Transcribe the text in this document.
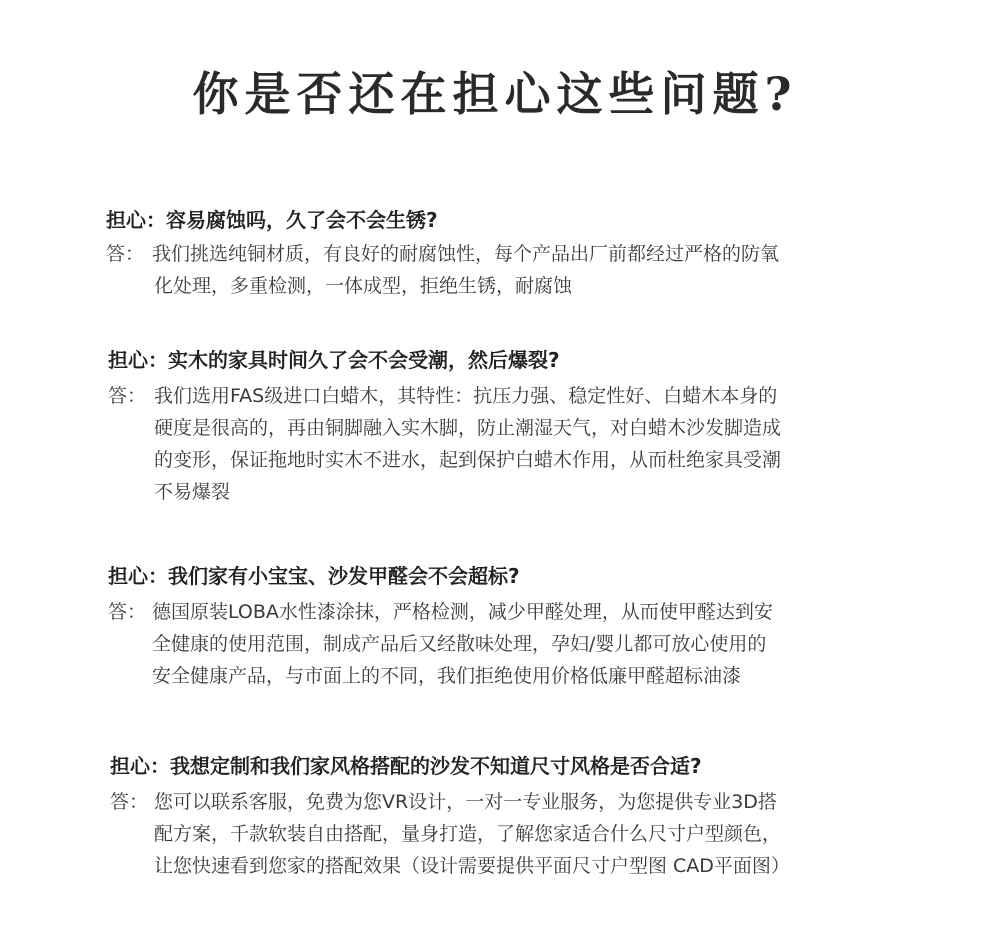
你是否还在担心这些问题?
担心：容易腐蚀吗，久了会不会生锈?
答： 我们挑选纯铜材质，有良好的耐腐蚀性，每个产品出厂前都经过严格的防氧
化处理，多重检测，一体成型，拒绝生锈，耐腐蚀
担心：实木的家具时间久了会不会受潮，然后爆裂?
答： 我们选用FAS级进口白蜡木，其特性：抗压力强、稳定性好、白蜡木本身的
硬度是很高的，再由铜脚融入实木脚，防止潮湿天气，对白蜡木沙发脚造成
的变形，保证拖地时实木不进水，起到保护白蜡木作用，从而杜绝家具受潮
不易爆裂
担心：我们家有小宝宝、沙发甲醛会不会超标?
答： 德国原装LOBA水性漆涂抹，严格检测，减少甲醛处理，从而使甲醛达到安
全健康的使用范围，制成产品后又经散味处理，孕妇/婴儿都可放心使用的
安全健康产品，与市面上的不同，我们拒绝使用价格低廉甲醛超标油漆
担心：我想定制和我们家风格搭配的沙发不知道尺寸风格是否合适?
答： 您可以联系客服，免费为您VR设计，一对一专业服务，为您提供专业3D搭
配方案，千款软装自由搭配，量身打造，了解您家适合什么尺寸户型颜色，
让您快速看到您家的搭配效果（设计需要提供平面尺寸户型图 CAD平面图）
